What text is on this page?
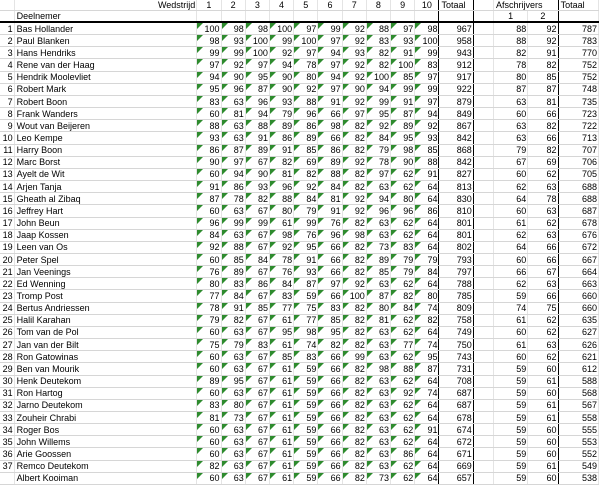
	Wedstrijd	1	2	3	4	5	6	7	8	9	10	Totaal		Afschrijvers		Totaal
	Deelnemer													1	2	
1	Bas Hollander	100	98	98	100	97	99	92	88	97	98	967		88	92	787
2	Paul Blanken	98	93	100	99	100	97	92	83	93	100	958		88	92	783
3	Hans Hendriks	99	99	100	92	97	94	93	82	91	99	943		82	91	770
4	Rene van der Haag	97	92	97	94	78	97	92	82	100	83	912		78	82	752
5	Hendrik Moolevliet	94	90	95	90	80	94	92	100	85	97	917		80	85	752
6	Robert Mark	95	96	87	90	92	97	90	94	99	99	922		87	87	748
7	Robert Boon	83	63	96	93	88	91	92	99	91	97	879		63	81	735
8	Frank Wanders	60	81	94	79	96	66	97	95	87	94	849		60	66	723
9	Wout van Beijeren	88	63	88	89	86	98	82	92	89	92	867		63	82	722
10	Leo Kempe	93	63	91	86	89	66	82	84	95	93	842		63	66	713
11	Harry Boon	86	87	89	91	85	86	82	79	98	85	868		79	82	707
12	Marc Borst	90	97	67	82	69	89	92	78	90	88	842		67	69	706
13	Ayelt de Wit	60	94	90	81	82	88	82	97	62	91	827		60	62	705
14	Arjen Tanja	91	86	93	96	92	84	82	63	62	64	813		62	63	688
15	Gheath al Zibaq	87	78	82	88	84	81	92	94	80	64	830		64	78	688
16	Jeffrey Hart	60	63	67	80	79	91	92	96	96	86	810		60	63	687
17	John Beun	96	99	99	61	99	76	82	63	62	64	801		61	62	678
18	Jaap Kossen	84	63	67	98	76	96	98	63	62	64	801		62	63	676
19	Leen van Os	92	88	67	92	95	66	82	73	83	64	802		64	66	672
20	Peter Spel	60	85	84	78	91	66	82	89	79	79	793		60	66	667
21	Jan Veenings	76	89	67	76	93	66	82	85	79	84	797		66	67	664
22	Ed Wenning	80	83	86	84	87	97	92	63	62	64	788		62	63	663
23	Tromp Post	77	84	67	83	59	66	100	87	82	80	785		59	66	660
24	Bertus Andriessen	78	91	85	77	75	83	82	80	84	74	809		74	75	660
25	Halil Karahan	79	82	67	61	77	85	82	81	62	82	758		61	62	635
26	Tom van de Pol	60	63	67	95	98	95	82	63	62	64	749		60	62	627
27	Jan van der Bilt	75	79	83	61	74	82	82	63	77	74	750		61	63	626
28	Ron Gatowinas	60	63	67	85	83	66	99	63	62	95	743		60	62	621
29	Ben van Mourik	60	63	67	61	59	66	82	98	88	87	731		59	60	612
30	Henk Deutekom	89	95	67	61	59	66	82	63	62	64	708		59	61	588
31	Ron Hartog	60	63	67	61	59	66	82	63	92	74	687		59	60	568
32	Jarno Deutekom	83	80	67	61	59	66	82	63	62	64	687		59	61	567
33	Zouheir Chrabi	81	73	67	61	59	66	82	63	62	64	678		59	61	558
34	Roger Bos	60	63	67	61	59	66	82	63	62	91	674		59	60	555
35	John Willems	60	63	67	61	59	66	82	63	62	64	672		59	60	553
36	Arie Goossen	60	63	67	61	59	66	82	63	86	64	671		59	60	552
37	Remco Deutekom	82	63	67	61	59	66	82	63	62	64	669		59	61	549
	Albert Kooiman	60	63	67	61	59	66	82	73	62	64	657		59	60	538
